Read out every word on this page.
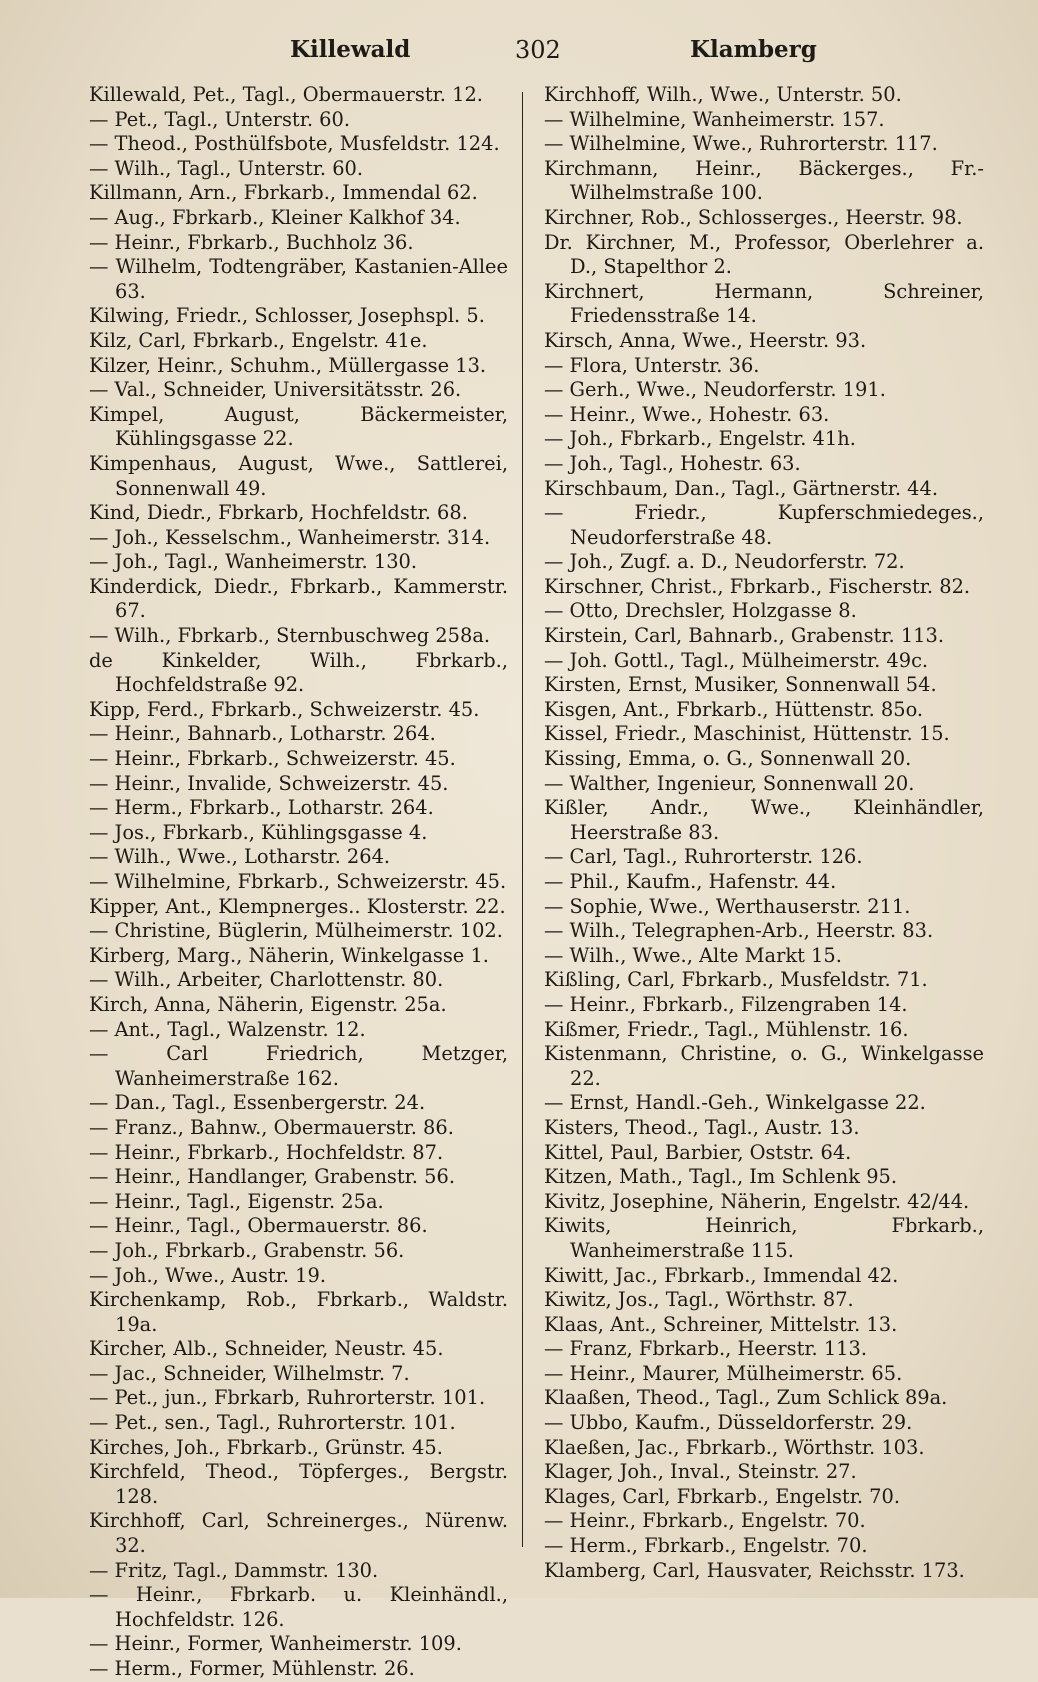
Killewald	302	Klamberg
Killewald, Pet., Tagl., Obermauerstr. 12.
— Pet., Tagl., Unterstr. 60.
— Theod., Posthülfsbote, Musfeldstr. 124.
— Wilh., Tagl., Unterstr. 60.
Killmann, Arn., Fbrkarb., Immendal 62.
— Aug., Fbrkarb., Kleiner Kalkhof 34.
— Heinr., Fbrkarb., Buchholz 36.
— Wilhelm, Todtengräber, Kastanien-Allee 63.
Kilwing, Friedr., Schlosser, Josephspl. 5.
Kilz, Carl, Fbrkarb., Engelstr. 41e.
Kilzer, Heinr., Schuhm., Müllergasse 13.
— Val., Schneider, Universitätsstr. 26.
Kimpel, August, Bäckermeister, Kühlingsgasse 22.
Kimpenhaus, August, Wwe., Sattlerei, Sonnenwall 49.
Kind, Diedr., Fbrkarb, Hochfeldstr. 68.
— Joh., Kesselschm., Wanheimerstr. 314.
— Joh., Tagl., Wanheimerstr. 130.
Kinderdick, Diedr., Fbrkarb., Kammerstr. 67.
— Wilh., Fbrkarb., Sternbuschweg 258a.
de Kinkelder, Wilh., Fbrkarb., Hochfeldstraße 92.
Kipp, Ferd., Fbrkarb., Schweizerstr. 45.
— Heinr., Bahnarb., Lotharstr. 264.
— Heinr., Fbrkarb., Schweizerstr. 45.
— Heinr., Invalide, Schweizerstr. 45.
— Herm., Fbrkarb., Lotharstr. 264.
— Jos., Fbrkarb., Kühlingsgasse 4.
— Wilh., Wwe., Lotharstr. 264.
— Wilhelmine, Fbrkarb., Schweizerstr. 45.
Kipper, Ant., Klempnerges.. Klosterstr. 22.
— Christine, Büglerin, Mülheimerstr. 102.
Kirberg, Marg., Näherin, Winkelgasse 1.
— Wilh., Arbeiter, Charlottenstr. 80.
Kirch, Anna, Näherin, Eigenstr. 25a.
— Ant., Tagl., Walzenstr. 12.
— Carl Friedrich, Metzger, Wanheimerstraße 162.
— Dan., Tagl., Essenbergerstr. 24.
— Franz., Bahnw., Obermauerstr. 86.
— Heinr., Fbrkarb., Hochfeldstr. 87.
— Heinr., Handlanger, Grabenstr. 56.
— Heinr., Tagl., Eigenstr. 25a.
— Heinr., Tagl., Obermauerstr. 86.
— Joh., Fbrkarb., Grabenstr. 56.
— Joh., Wwe., Austr. 19.
Kirchenkamp, Rob., Fbrkarb., Waldstr. 19a.
Kircher, Alb., Schneider, Neustr. 45.
— Jac., Schneider, Wilhelmstr. 7.
— Pet., jun., Fbrkarb, Ruhrorterstr. 101.
— Pet., sen., Tagl., Ruhrorterstr. 101.
Kirches, Joh., Fbrkarb., Grünstr. 45.
Kirchfeld, Theod., Töpferges., Bergstr. 128.
Kirchhoff, Carl, Schreinerges., Nürenw. 32.
— Fritz, Tagl., Dammstr. 130.
— Heinr., Fbrkarb. u. Kleinhändl., Hochfeldstr. 126.
— Heinr., Former, Wanheimerstr. 109.
— Herm., Former, Mühlenstr. 26.
Kirchhoff, Wilh., Wwe., Unterstr. 50.
— Wilhelmine, Wanheimerstr. 157.
— Wilhelmine, Wwe., Ruhrorterstr. 117.
Kirchmann, Heinr., Bäckerges., Fr.-Wilhelmstraße 100.
Kirchner, Rob., Schlosserges., Heerstr. 98.
Dr. Kirchner, M., Professor, Oberlehrer a. D., Stapelthor 2.
Kirchnert, Hermann, Schreiner, Friedensstraße 14.
Kirsch, Anna, Wwe., Heerstr. 93.
— Flora, Unterstr. 36.
— Gerh., Wwe., Neudorferstr. 191.
— Heinr., Wwe., Hohestr. 63.
— Joh., Fbrkarb., Engelstr. 41h.
— Joh., Tagl., Hohestr. 63.
Kirschbaum, Dan., Tagl., Gärtnerstr. 44.
— Friedr., Kupferschmiedeges., Neudorferstraße 48.
— Joh., Zugf. a. D., Neudorferstr. 72.
Kirschner, Christ., Fbrkarb., Fischerstr. 82.
— Otto, Drechsler, Holzgasse 8.
Kirstein, Carl, Bahnarb., Grabenstr. 113.
— Joh. Gottl., Tagl., Mülheimerstr. 49c.
Kirsten, Ernst, Musiker, Sonnenwall 54.
Kisgen, Ant., Fbrkarb., Hüttenstr. 85o.
Kissel, Friedr., Maschinist, Hüttenstr. 15.
Kissing, Emma, o. G., Sonnenwall 20.
— Walther, Ingenieur, Sonnenwall 20.
Kißler, Andr., Wwe., Kleinhändler, Heerstraße 83.
— Carl, Tagl., Ruhrorterstr. 126.
— Phil., Kaufm., Hafenstr. 44.
— Sophie, Wwe., Werthauserstr. 211.
— Wilh., Telegraphen-Arb., Heerstr. 83.
— Wilh., Wwe., Alte Markt 15.
Kißling, Carl, Fbrkarb., Musfeldstr. 71.
— Heinr., Fbrkarb., Filzengraben 14.
Kißmer, Friedr., Tagl., Mühlenstr. 16.
Kistenmann, Christine, o. G., Winkelgasse 22.
— Ernst, Handl.-Geh., Winkelgasse 22.
Kisters, Theod., Tagl., Austr. 13.
Kittel, Paul, Barbier, Oststr. 64.
Kitzen, Math., Tagl., Im Schlenk 95.
Kivitz, Josephine, Näherin, Engelstr. 42/44.
Kiwits, Heinrich, Fbrkarb., Wanheimerstraße 115.
Kiwitt, Jac., Fbrkarb., Immendal 42.
Kiwitz, Jos., Tagl., Wörthstr. 87.
Klaas, Ant., Schreiner, Mittelstr. 13.
— Franz, Fbrkarb., Heerstr. 113.
— Heinr., Maurer, Mülheimerstr. 65.
Klaaßen, Theod., Tagl., Zum Schlick 89a.
— Ubbo, Kaufm., Düsseldorferstr. 29.
Klaeßen, Jac., Fbrkarb., Wörthstr. 103.
Klager, Joh., Inval., Steinstr. 27.
Klages, Carl, Fbrkarb., Engelstr. 70.
— Heinr., Fbrkarb., Engelstr. 70.
— Herm., Fbrkarb., Engelstr. 70.
Klamberg, Carl, Hausvater, Reichsstr. 173.
